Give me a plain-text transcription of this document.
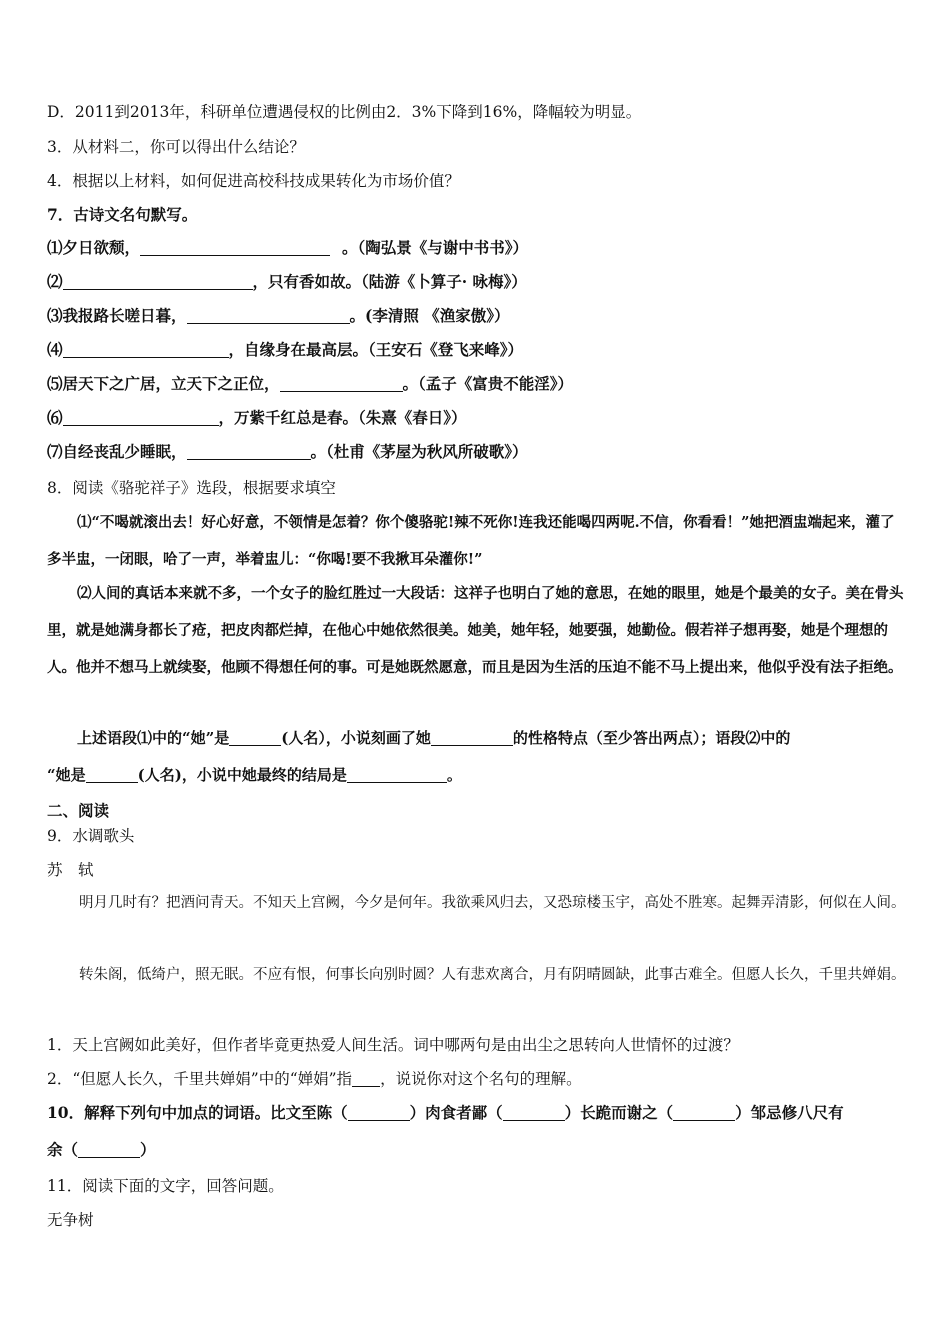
D．2011到2013年，科研单位遭遇侵权的比例由2．3%下降到16%，降幅较为明显。
3．从材料二，你可以得出什么结论？
4．根据以上材料，如何促进高校科技成果转化为市场价值？
7．古诗文名句默写。
⑴夕日欲颓，	。（陶弘景《与谢中书书》）
⑵	，只有香如故。（陆游《卜算子· 咏梅》）
⑶我报路长嗟日暮，	。(李清照 《渔家傲》）
⑷	，自缘身在最高层。（王安石《登飞来峰》）
⑸居天下之广居，立天下之正位，	。（孟子《富贵不能淫》）
⑹	，万紫千红总是春。（朱熹《春日》）
⑺自经丧乱少睡眠，	。（杜甫《茅屋为秋风所破歌》）
8．阅读《骆驼祥子》选段，根据要求填空
⑴“不喝就滚出去！好心好意，不领情是怎着？你个傻骆驼!辣不死你!连我还能喝四两呢.不信，你看看！”她把酒盅端起来，灌了多半盅，一闭眼，哈了一声，举着盅儿：“你喝!要不我揪耳朵灌你!”
⑵人间的真话本来就不多，一个女子的脸红胜过一大段话：这祥子也明白了她的意思，在她的眼里，她是个最美的女子。美在骨头里，就是她满身都长了疮，把皮肉都烂掉，在他心中她依然很美。她美，她年轻，她要强，她勤俭。假若祥子想再娶，她是个理想的人。他并不想马上就续娶，他顾不得想任何的事。可是她既然愿意，而且是因为生活的压迫不能不马上提出来，他似乎没有法子拒绝。
上述语段⑴中的“她”是	(人名），小说刻画了她	的性格特点（至少答出两点）；语段⑵中的
“她是	(人名)，小说中她最终的结局是	。
二、阅读
9．水调歌头
苏　轼
明月几时有？把酒问青天。不知天上宫阙，今夕是何年。我欲乘风归去，又恐琼楼玉宇，高处不胜寒。起舞弄清影，何似在人间。
转朱阁，低绮户，照无眠。不应有恨，何事长向别时圆？人有悲欢离合，月有阴晴圆缺，此事古难全。但愿人长久，千里共婵娟。
1．天上宫阙如此美好，但作者毕竟更热爱人间生活。词中哪两句是由出尘之思转向人世情怀的过渡？
2．“但愿人长久，千里共婵娟”中的“婵娟”指 ，说说你对这个名句的理解。
10．解释下列句中加点的词语。比文至陈（	）肉食者鄙（	）长跪而谢之（	）邹忌修八尺有
余（	）
11．阅读下面的文字，回答问题。
无争树
